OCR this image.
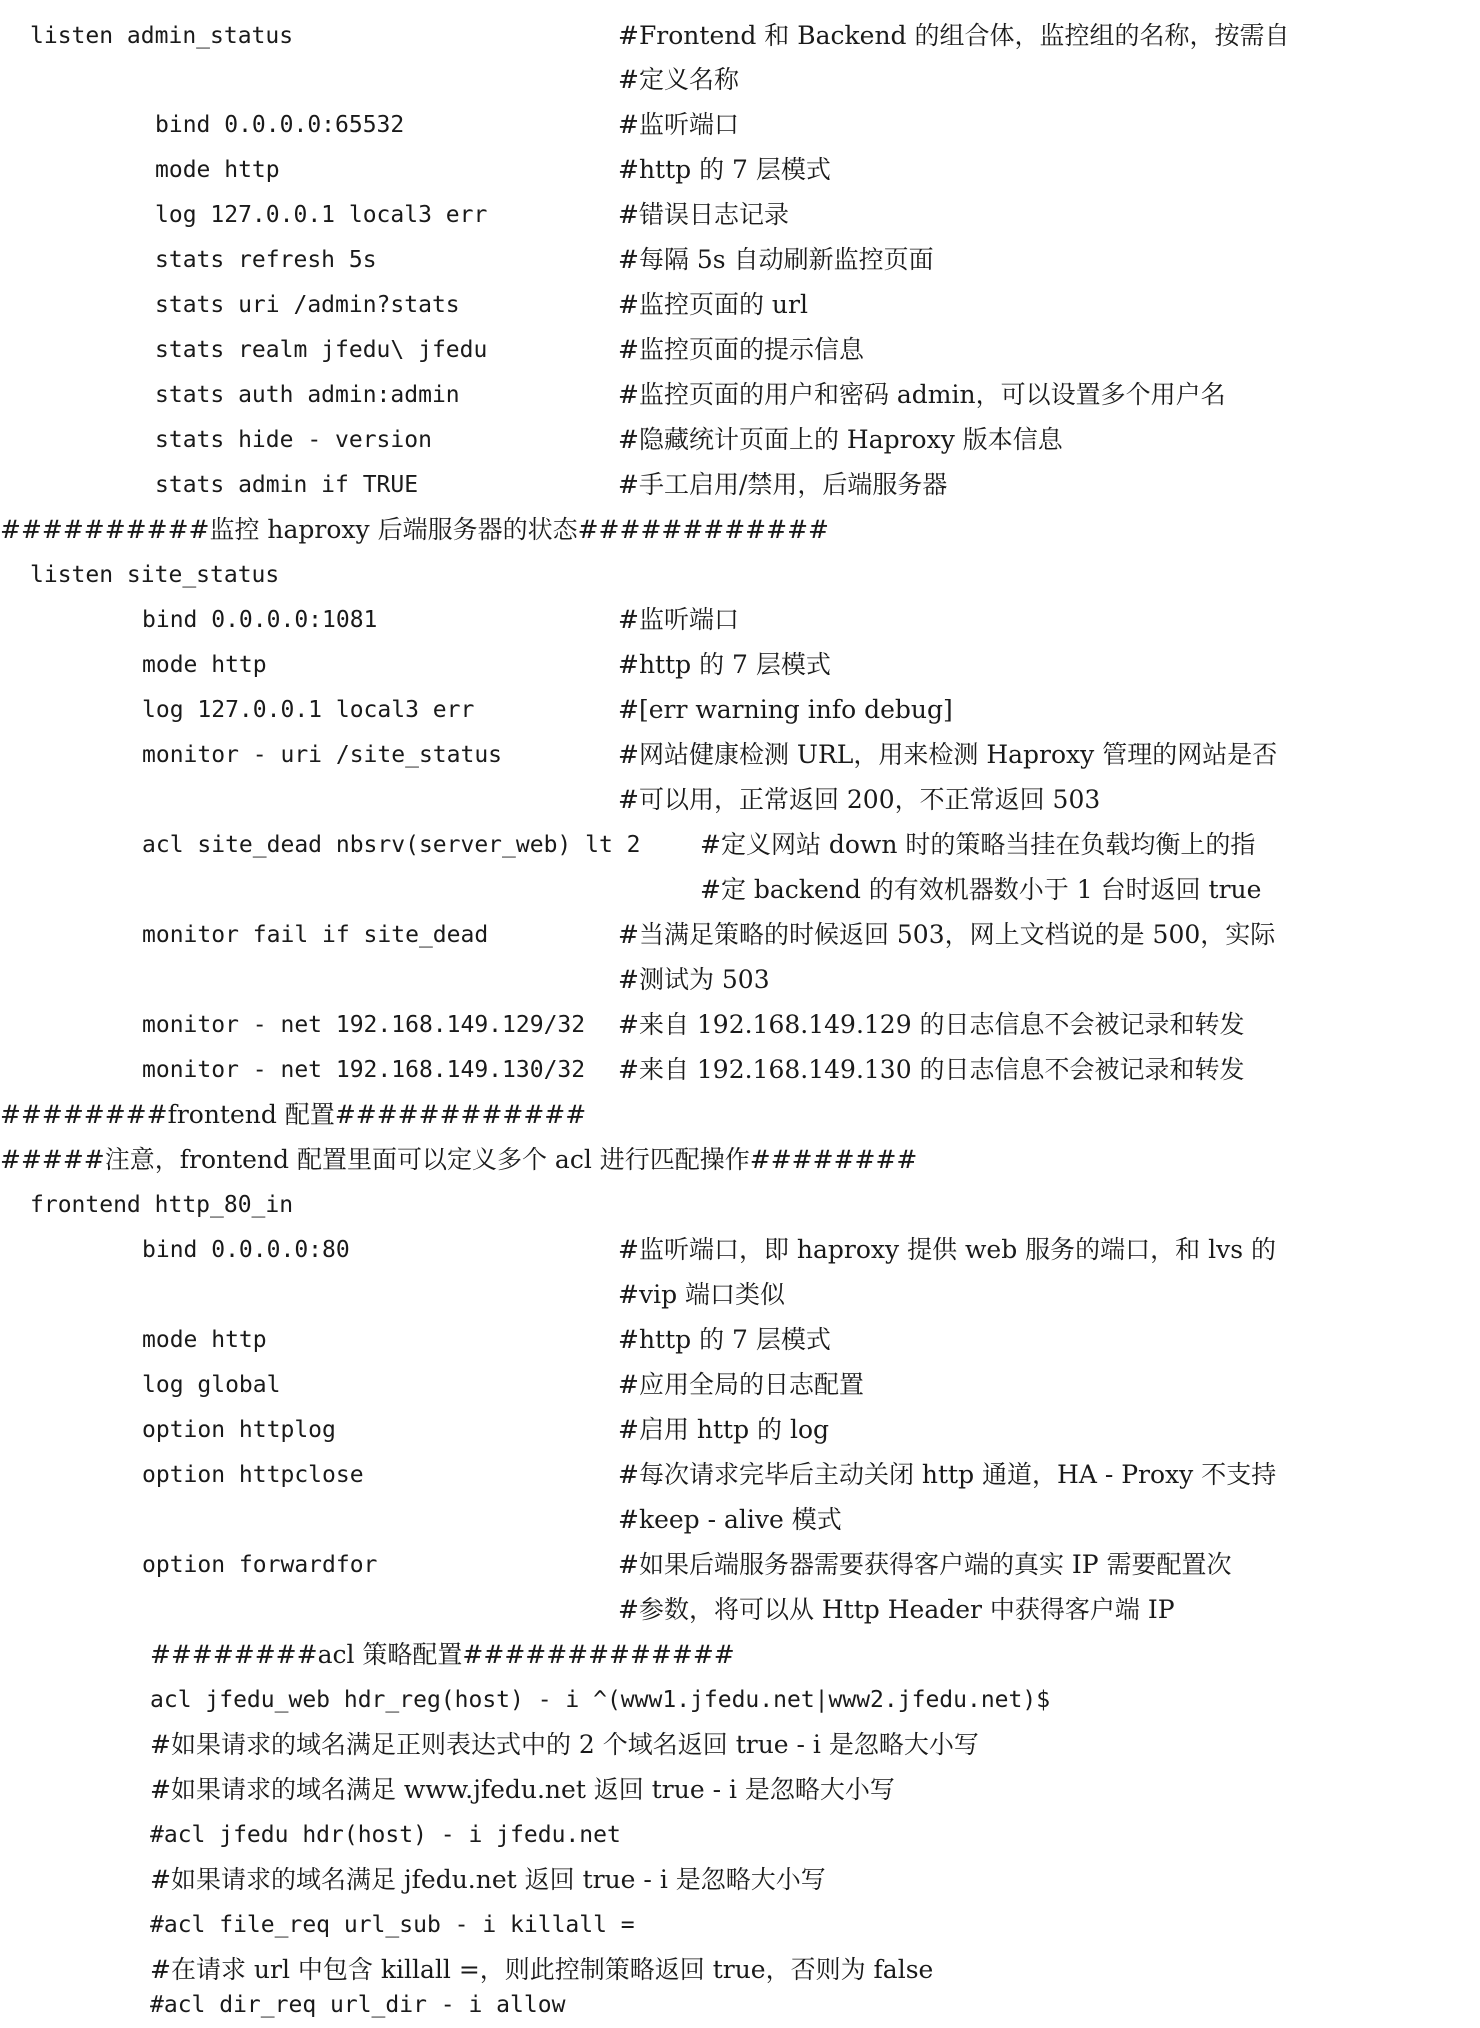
listen admin_status	#Frontend 和 Backend 的组合体，监控组的名称，按需自
#定义名称
bind 0.0.0.0:65532	#监听端口
mode http	#http 的 7 层模式
log 127.0.0.1 local3 err	#错误日志记录
stats refresh 5s	#每隔 5s 自动刷新监控页面
stats uri /admin?stats	#监控页面的 url
stats realm jfedu\ jfedu	#监控页面的提示信息
stats auth admin:admin	#监控页面的用户和密码 admin，可以设置多个用户名
stats hide - version	#隐藏统计页面上的 Haproxy 版本信息
stats admin if TRUE	#手工启用/禁用，后端服务器
##########监控 haproxy 后端服务器的状态############
listen site_status
bind 0.0.0.0:1081	#监听端口
mode http	#http 的 7 层模式
log 127.0.0.1 local3 err	#[err warning info debug]
monitor - uri /site_status	#网站健康检测 URL，用来检测 Haproxy 管理的网站是否
#可以用，正常返回 200，不正常返回 503
acl site_dead nbsrv(server_web) lt 2 #定义网站 down 时的策略当挂在负载均衡上的指
#定 backend 的有效机器数小于 1 台时返回 true
monitor fail if site_dead	#当满足策略的时候返回 503，网上文档说的是 500，实际
#测试为 503
monitor - net 192.168.149.129/32 #来自 192.168.149.129 的日志信息不会被记录和转发
monitor - net 192.168.149.130/32 #来自 192.168.149.130 的日志信息不会被记录和转发
########frontend 配置############
#####注意，frontend 配置里面可以定义多个 acl 进行匹配操作########
frontend http_80_in
bind 0.0.0.0:80	#监听端口，即 haproxy 提供 web 服务的端口，和 lvs 的
#vip 端口类似
mode http	#http 的 7 层模式
log global	#应用全局的日志配置
option httplog	#启用 http 的 log
option httpclose	#每次请求完毕后主动关闭 http 通道，HA - Proxy 不支持
#keep - alive 模式
option forwardfor	#如果后端服务器需要获得客户端的真实 IP 需要配置次
#参数，将可以从 Http Header 中获得客户端 IP
########acl 策略配置#############
acl jfedu_web hdr_reg(host) - i ^(www1.jfedu.net|www2.jfedu.net)$
#如果请求的域名满足正则表达式中的 2 个域名返回 true - i 是忽略大小写
#如果请求的域名满足 www.jfedu.net 返回 true - i 是忽略大小写
#acl jfedu hdr(host) - i jfedu.net
#如果请求的域名满足 jfedu.net 返回 true - i 是忽略大小写
#acl file_req url_sub - i killall =
#在请求 url 中包含 killall =，则此控制策略返回 true，否则为 false
#acl dir_req url_dir - i allow
